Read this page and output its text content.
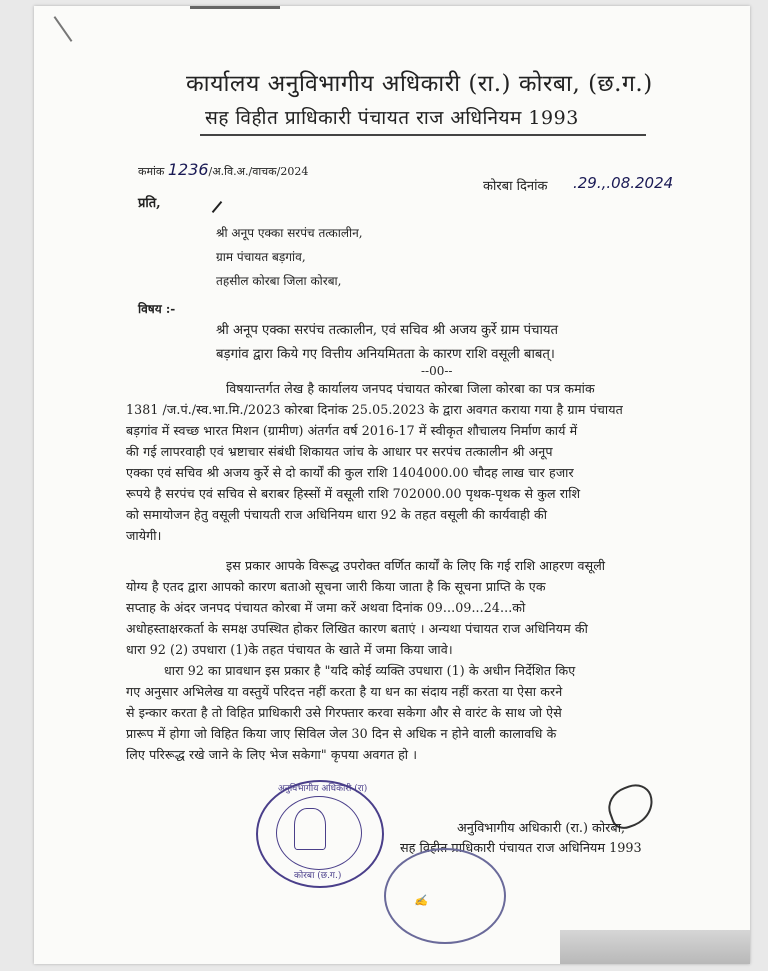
कार्यालय अनुविभागीय अधिकारी (रा.) कोरबा, (छ.ग.)
सह विहीत प्राधिकारी पंचायत राज अधिनियम 1993
कमांक 1236/अ.वि.अ./वाचक/2024
कोरबा दिनांक .29.,.08.2024
प्रति,
श्री अनूप एक्का सरपंच तत्कालीन,
ग्राम पंचायत बड़गांव,
तहसील कोरबा जिला कोरबा,
विषय :-
श्री अनूप एक्का सरपंच तत्कालीन, एवं सचिव श्री अजय कुर्रे ग्राम पंचायत
बड़गांव द्वारा किये गए वित्तीय अनियमितता के कारण राशि वसूली बाबत्।
--00--
विषयान्तर्गत लेख है कार्यालय जनपद पंचायत कोरबा जिला कोरबा का पत्र कमांक
1381 /ज.पं./स्व.भा.मि./2023 कोरबा दिनांक 25.05.2023 के द्वारा अवगत कराया गया है ग्राम पंचायत
बड़गांव में स्वच्छ भारत मिशन (ग्रामीण) अंतर्गत वर्ष 2016-17 में स्वीकृत शौचालय निर्माण कार्य में
की गई लापरवाही एवं भ्रष्टाचार संबंधी शिकायत जांच के आधार पर सरपंच तत्कालीन श्री अनूप
एक्का एवं सचिव श्री अजय कुर्रे से दो कार्यों की कुल राशि 1404000.00 चौदह लाख चार हजार
रूपये है सरपंच एवं सचिव से बराबर हिस्सों में वसूली राशि 702000.00 पृथक-पृथक से कुल राशि
को समायोजन हेतु वसूली पंचायती राज अधिनियम धारा 92 के तहत वसूली की कार्यवाही की
जायेगी।
इस प्रकार आपके विरूद्ध उपरोक्त वर्णित कार्यों के लिए कि गई राशि आहरण वसूली
योग्य है एतद द्वारा आपको कारण बताओ सूचना जारी किया जाता है कि सूचना प्राप्ति के एक
सप्ताह के अंदर जनपद पंचायत कोरबा में जमा करें अथवा दिनांक 09...09...24...को
अधोहस्ताक्षरकर्ता के समक्ष उपस्थित होकर लिखित कारण बताएं । अन्यथा पंचायत राज अधिनियम की
धारा 92 (2) उपधारा (1)के तहत पंचायत के खाते में जमा किया जावे।
धारा 92 का प्रावधान इस प्रकार है "यदि कोई व्यक्ति उपधारा (1) के अधीन निर्देशित किए
गए अनुसार अभिलेख या वस्तुयें परिदत्त नहीं करता है या धन का संदाय नहीं करता या ऐसा करने
से इन्कार करता है तो विहित प्राधिकारी उसे गिरफ्तार करवा सकेगा और से वारंट के साथ जो ऐसे
प्रारूप में होगा जो विहित किया जाए सिविल जेल 30 दिन से अधिक न होने वाली कालावधि के
लिए परिरूद्ध रखे जाने के लिए भेज सकेगा" कृपया अवगत हो ।
अनुविभागीय अधिकारी (रा)
कोरबा (छ.ग.)
अनुविभागीय अधिकारी (रा.) कोरबा,
सह विहीत प्राधिकारी पंचायत राज अधिनियम 1993
✍
